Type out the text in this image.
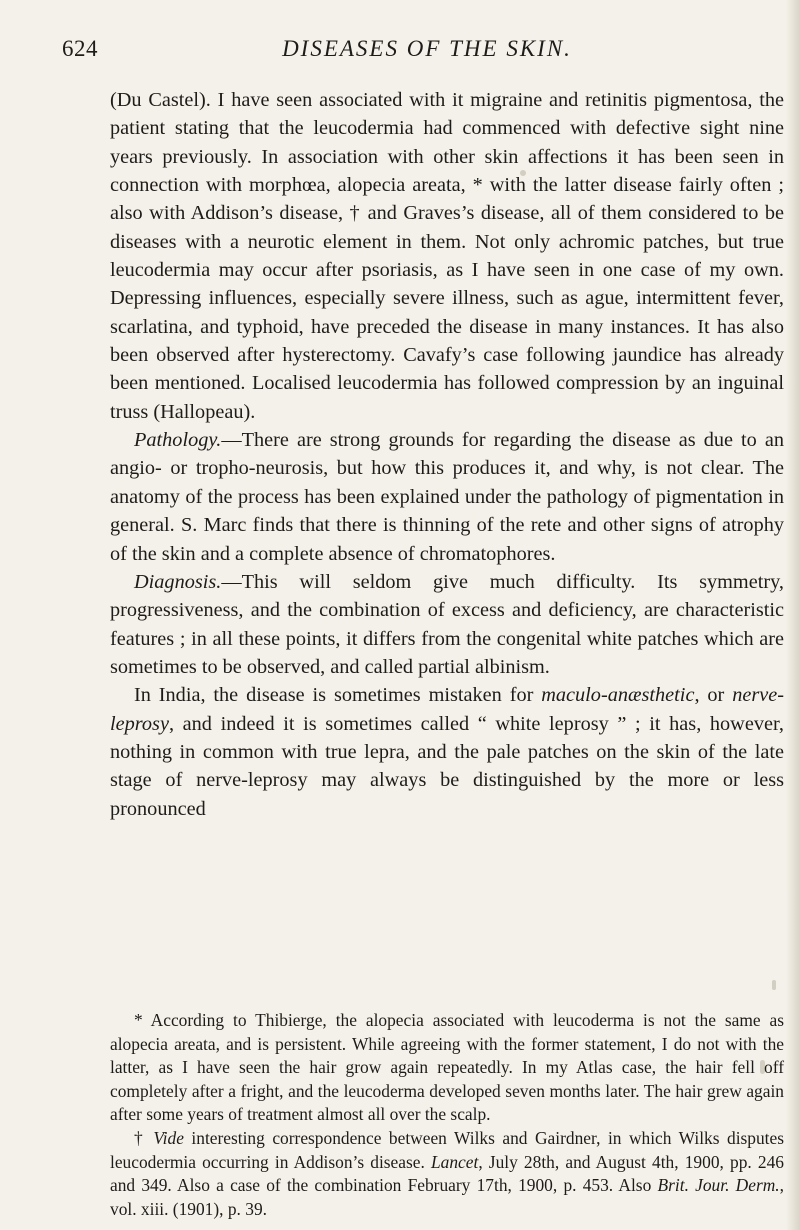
624	DISEASES OF THE SKIN.

(Du Castel). I have seen associated with it migraine and retinitis pigmentosa, the patient stating that the leucodermia had commenced with defective sight nine years previously. In association with other skin affections it has been seen in connection with morphœa, alopecia areata, * with the latter disease fairly often ; also with Addison’s disease, † and Graves’s disease, all of them considered to be diseases with a neurotic element in them. Not only achromic patches, but true leucodermia may occur after psoriasis, as I have seen in one case of my own. Depressing influences, especially severe illness, such as ague, intermittent fever, scarlatina, and typhoid, have preceded the disease in many instances. It has also been observed after hysterectomy. Cavafy’s case following jaundice has already been mentioned. Localised leucodermia has followed compression by an inguinal truss (Hallopeau).

Pathology.—There are strong grounds for regarding the disease as due to an angio- or tropho-neurosis, but how this produces it, and why, is not clear. The anatomy of the process has been explained under the pathology of pigmentation in general. S. Marc finds that there is thinning of the rete and other signs of atrophy of the skin and a complete absence of chromatophores.

Diagnosis.—This will seldom give much difficulty. Its symmetry, progressiveness, and the combination of excess and deficiency, are characteristic features ; in all these points, it differs from the congenital white patches which are sometimes to be observed, and called partial albinism.

In India, the disease is sometimes mistaken for maculo-anæsthetic, or nerve-leprosy, and indeed it is sometimes called “ white leprosy ” ; it has, however, nothing in common with true lepra, and the pale patches on the skin of the late stage of nerve-leprosy may always be distinguished by the more or less pronounced

* According to Thibierge, the alopecia associated with leucoderma is not the same as alopecia areata, and is persistent. While agreeing with the former statement, I do not with the latter, as I have seen the hair grow again repeatedly. In my Atlas case, the hair fell off completely after a fright, and the leucoderma developed seven months later. The hair grew again after some years of treatment almost all over the scalp.

† Vide interesting correspondence between Wilks and Gairdner, in which Wilks disputes leucodermia occurring in Addison’s disease. Lancet, July 28th, and August 4th, 1900, pp. 246 and 349. Also a case of the combination February 17th, 1900, p. 453. Also Brit. Jour. Derm., vol. xiii. (1901), p. 39.
